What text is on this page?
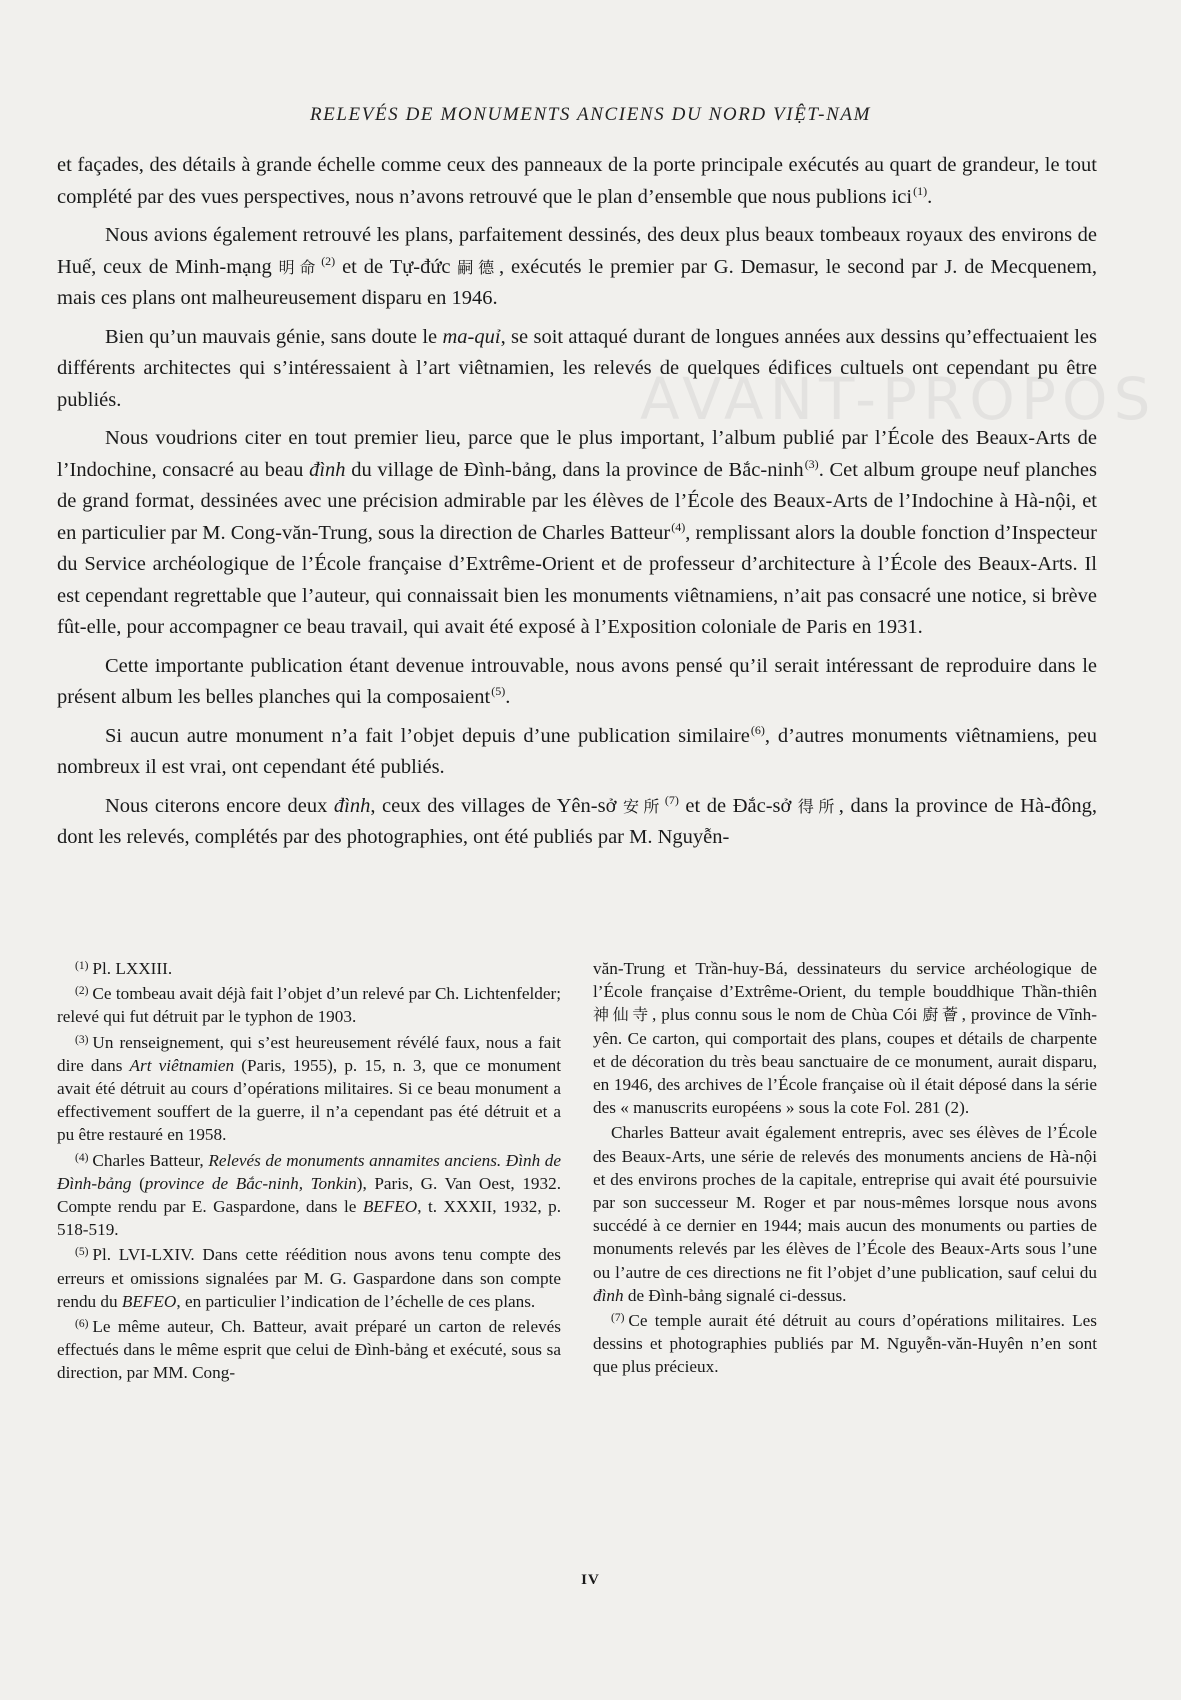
AVANT-PROPOS
RELEVÉS DE MONUMENTS ANCIENS DU NORD VIỆT-NAM

et façades, des détails à grande échelle comme ceux des panneaux de la porte principale exécutés au quart de grandeur, le tout complété par des vues perspectives, nous n’avons retrouvé que le plan d’ensemble que nous publions ici$^{(1)}$.

Nous avions également retrouvé les plans, parfaitement dessinés, des deux plus beaux tombeaux royaux des environs de Huế, ceux de Minh-mạng 明命$^{(2)}$ et de Tự-đức 嗣德, exécutés le premier par G. Demasur, le second par J. de Mecquenem, mais ces plans ont malheureusement disparu en 1946.

Bien qu’un mauvais génie, sans doute le ma-quỉ, se soit attaqué durant de longues années aux dessins qu’effectuaient les différents architectes qui s’intéressaient à l’art viêtnamien, les relevés de quelques édifices cultuels ont cependant pu être publiés.

Nous voudrions citer en tout premier lieu, parce que le plus important, l’album publié par l’École des Beaux-Arts de l’Indochine, consacré au beau đình du village de Đình-bảng, dans la province de Bắc-ninh$^{(3)}$. Cet album groupe neuf planches de grand format, dessinées avec une précision admirable par les élèves de l’École des Beaux-Arts de l’Indochine à Hà-nội, et en particulier par M. Cong-văn-Trung, sous la direction de Charles Batteur$^{(4)}$, remplissant alors la double fonction d’Inspecteur du Service archéologique de l’École française d’Extrême-Orient et de professeur d’architecture à l’École des Beaux-Arts. Il est cependant regrettable que l’auteur, qui connaissait bien les monuments viêtnamiens, n’ait pas consacré une notice, si brève fût-elle, pour accompagner ce beau travail, qui avait été exposé à l’Exposition coloniale de Paris en 1931.

Cette importante publication étant devenue introuvable, nous avons pensé qu’il serait intéressant de reproduire dans le présent album les belles planches qui la composaient$^{(5)}$.

Si aucun autre monument n’a fait l’objet depuis d’une publication similaire$^{(6)}$, d’autres monuments viêtnamiens, peu nombreux il est vrai, ont cependant été publiés.

Nous citerons encore deux đình, ceux des villages de Yên-sở 安所$^{(7)}$ et de Đắc-sở 得所, dans la province de Hà-đông, dont les relevés, complétés par des photographies, ont été publiés par M. Nguyễn-

$^{(1)}$ Pl. LXXIII.

$^{(2)}$ Ce tombeau avait déjà fait l’objet d’un relevé par Ch. Lichtenfelder; relevé qui fut détruit par le typhon de 1903.

$^{(3)}$ Un renseignement, qui s’est heureusement révélé faux, nous a fait dire dans Art viêtnamien (Paris, 1955), p. 15, n. 3, que ce monument avait été détruit au cours d’opérations militaires. Si ce beau monument a effectivement souffert de la guerre, il n’a cependant pas été détruit et a pu être restauré en 1958.

$^{(4)}$ Charles Batteur, Relevés de monuments annamites anciens. Đình de Đình-bảng (province de Bắc-ninh, Tonkin), Paris, G. Van Oest, 1932. Compte rendu par E. Gaspardone, dans le BEFEO, t. XXXII, 1932, p. 518-519.

$^{(5)}$ Pl. LVI-LXIV. Dans cette réédition nous avons tenu compte des erreurs et omissions signalées par M. G. Gaspardone dans son compte rendu du BEFEO, en particulier l’indication de l’échelle de ces plans.

$^{(6)}$ Le même auteur, Ch. Batteur, avait préparé un carton de relevés effectués dans le même esprit que celui de Đình-bảng et exécuté, sous sa direction, par MM. Cong-

văn-Trung et Trần-huy-Bá, dessinateurs du service archéologique de l’École française d’Extrême-Orient, du temple bouddhique Thần-thiên 神仙寺, plus connu sous le nom de Chùa Cói 廚薈, province de Vĩnh-yên. Ce carton, qui comportait des plans, coupes et détails de charpente et de décoration du très beau sanctuaire de ce monument, aurait disparu, en 1946, des archives de l’École française où il était déposé dans la série des « manuscrits européens » sous la cote Fol. 281 (2).

Charles Batteur avait également entrepris, avec ses élèves de l’École des Beaux-Arts, une série de relevés des monuments anciens de Hà-nội et des environs proches de la capitale, entreprise qui avait été poursuivie par son successeur M. Roger et par nous-mêmes lorsque nous avons succédé à ce dernier en 1944; mais aucun des monuments ou parties de monuments relevés par les élèves de l’École des Beaux-Arts sous l’une ou l’autre de ces directions ne fit l’objet d’une publication, sauf celui du đình de Đình-bảng signalé ci-dessus.

$^{(7)}$ Ce temple aurait été détruit au cours d’opérations militaires. Les dessins et photographies publiés par M. Nguyễn-văn-Huyên n’en sont que plus précieux.

IV
